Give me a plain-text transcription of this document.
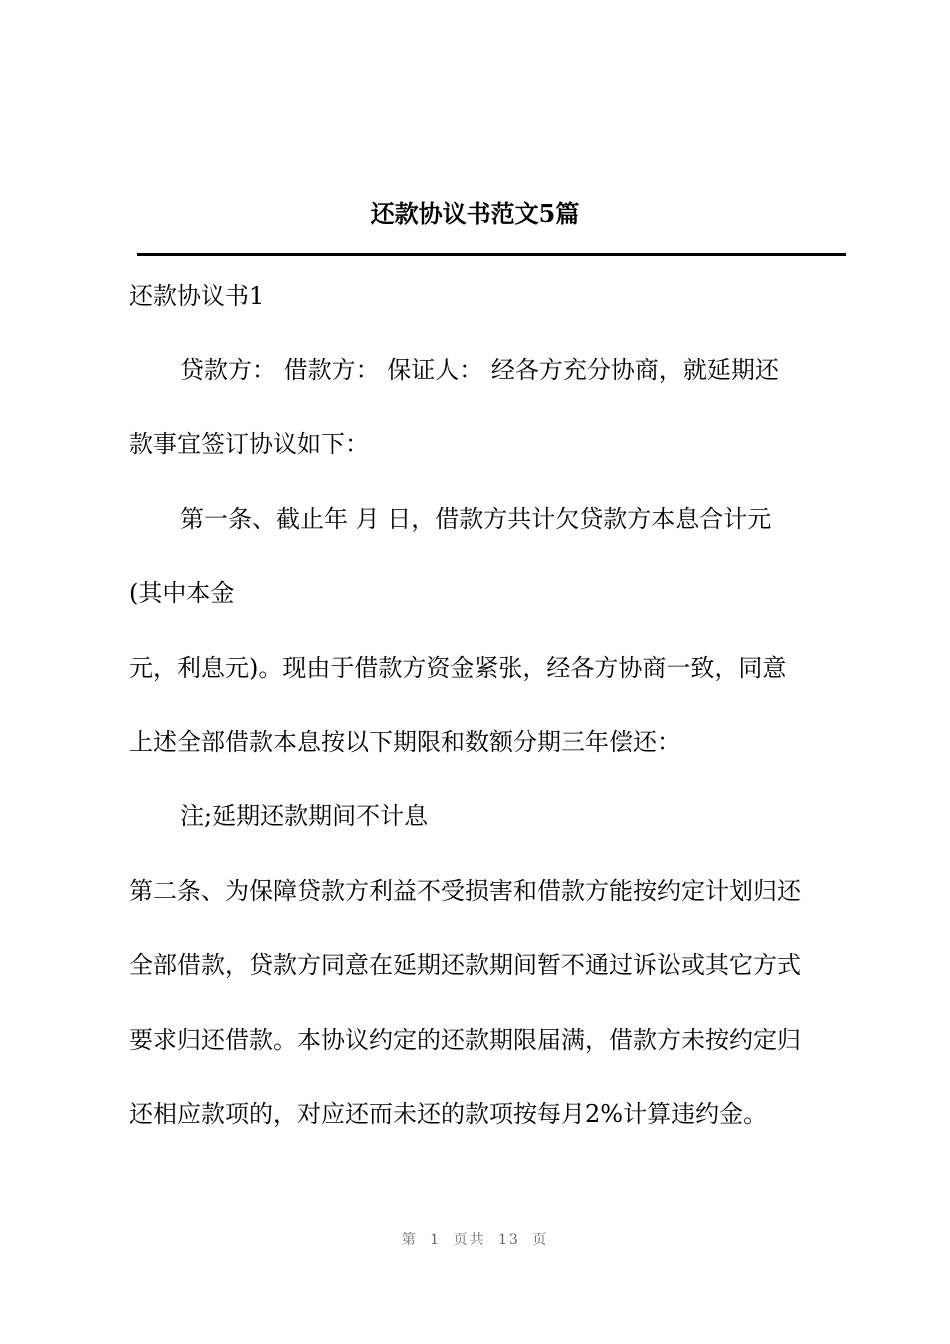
还款协议书范文5篇

还款协议书1

贷款方： 借款方： 保证人： 经各方充分协商，就延期还

款事宜签订协议如下：

第一条、截止年 月 日，借款方共计欠贷款方本息合计元

(其中本金

元，利息元)。现由于借款方资金紧张，经各方协商一致，同意

上述全部借款本息按以下期限和数额分期三年偿还：

注;延期还款期间不计息

第二条、为保障贷款方利益不受损害和借款方能按约定计划归还

全部借款，贷款方同意在延期还款期间暂不通过诉讼或其它方式

要求归还借款。本协议约定的还款期限届满，借款方未按约定归

还相应款项的，对应还而未还的款项按每月2%计算违约金。

第 1 页共 13 页
